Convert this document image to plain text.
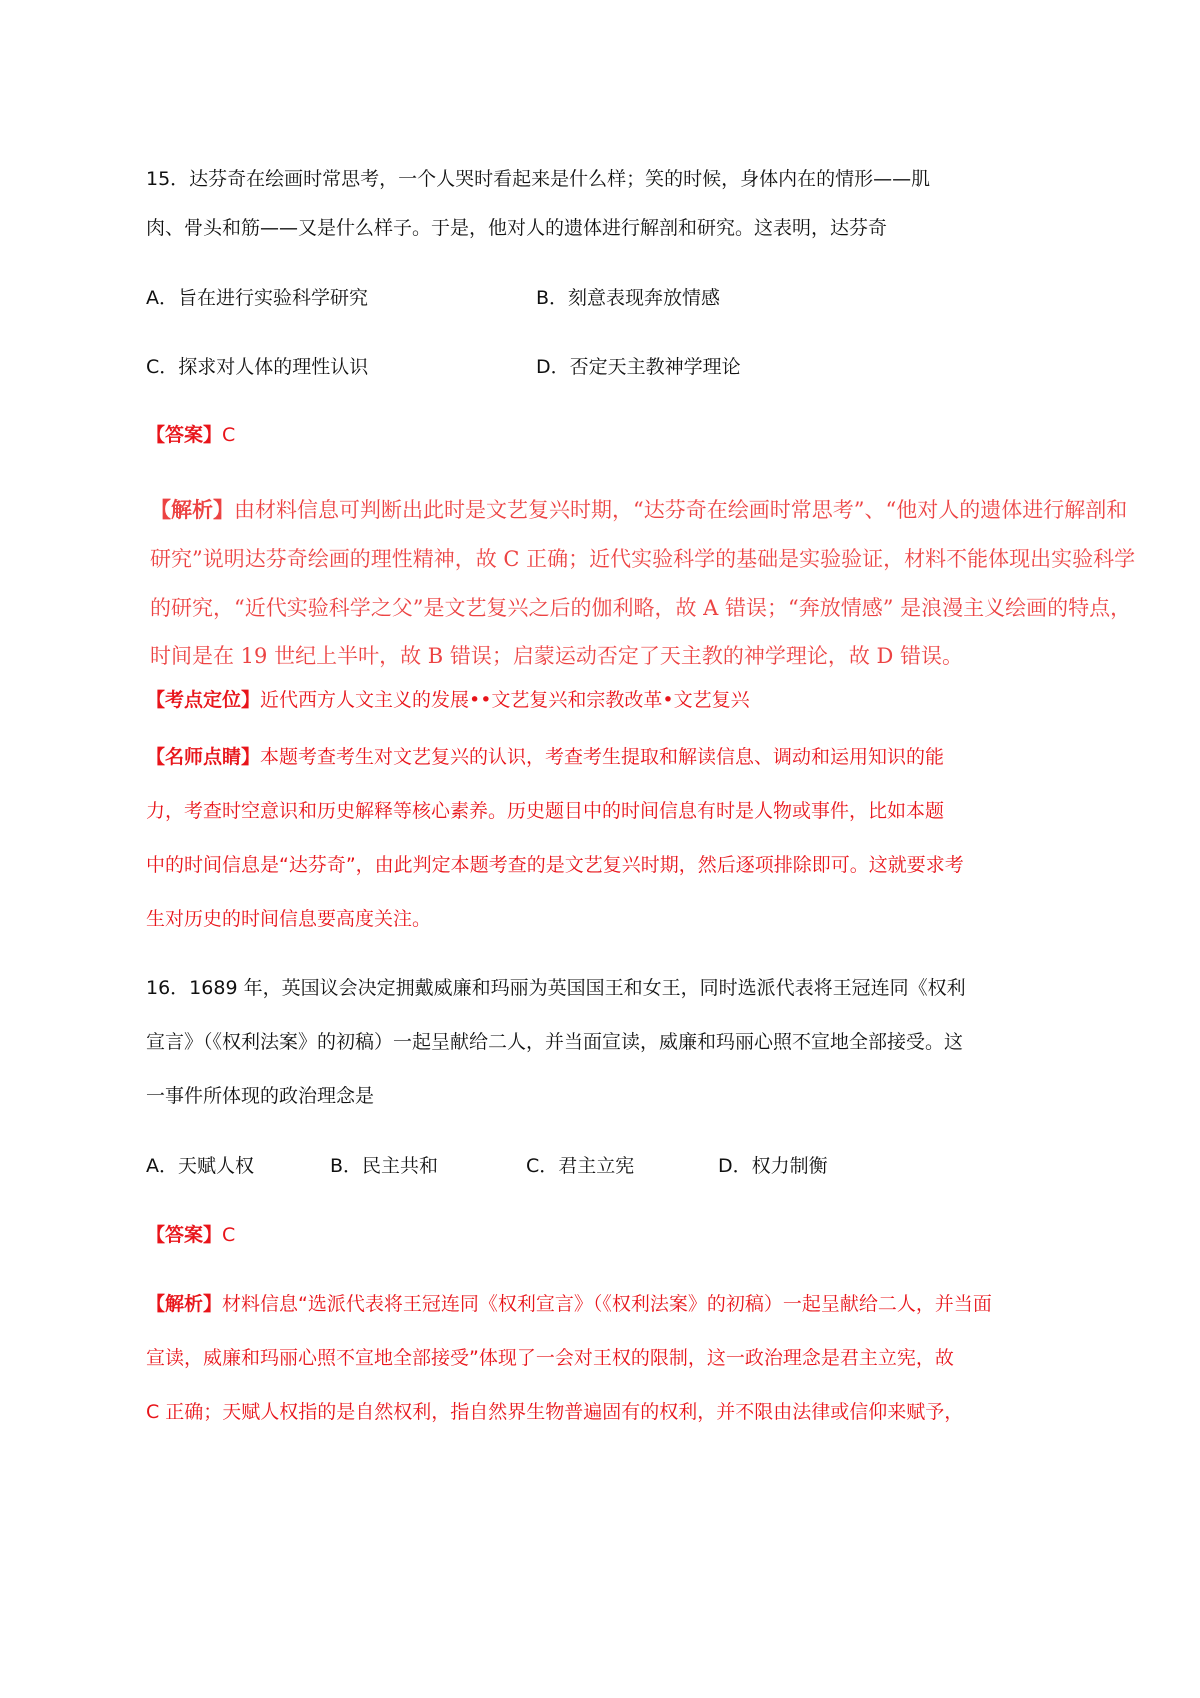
15．达芬奇在绘画时常思考，一个人哭时看起来是什么样；笑的时候，身体内在的情形——肌
肉、骨头和筋——又是什么样子。于是，他对人的遗体进行解剖和研究。这表明，达芬奇
A．旨在进行实验科学研究	B．刻意表现奔放情感
C．探求对人体的理性认识	D．否定天主教神学理论
【答案】C
【解析】由材料信息可判断出此时是文艺复兴时期，“达芬奇在绘画时常思考”、“他对人的遗体进行解剖和
研究”说明达芬奇绘画的理性精神，故 C 正确；近代实验科学的基础是实验验证，材料不能体现出实验科学
的研究，“近代实验科学之父”是文艺复兴之后的伽利略，故 A 错误；“奔放情感” 是浪漫主义绘画的特点，
时间是在 19 世纪上半叶，故 B 错误；启蒙运动否定了天主教的神学理论，故 D 错误。
【考点定位】近代西方人文主义的发展••文艺复兴和宗教改革•文艺复兴
【名师点睛】本题考查考生对文艺复兴的认识，考查考生提取和解读信息、调动和运用知识的能
力，考查时空意识和历史解释等核心素养。历史题目中的时间信息有时是人物或事件，比如本题
中的时间信息是“达芬奇”，由此判定本题考查的是文艺复兴时期，然后逐项排除即可。这就要求考
生对历史的时间信息要高度关注。
16．1689 年，英国议会决定拥戴威廉和玛丽为英国国王和女王，同时选派代表将王冠连同《权利
宣言》（《权利法案》的初稿）一起呈献给二人，并当面宣读，威廉和玛丽心照不宣地全部接受。这
一事件所体现的政治理念是
A．天赋人权	B．民主共和	C．君主立宪	D．权力制衡
【答案】C
【解析】材料信息“选派代表将王冠连同《权利宣言》（《权利法案》的初稿）一起呈献给二人，并当面
宣读，威廉和玛丽心照不宣地全部接受”体现了一会对王权的限制，这一政治理念是君主立宪，故
C 正确；天赋人权指的是自然权利，指自然界生物普遍固有的权利，并不限由法律或信仰来赋予，
